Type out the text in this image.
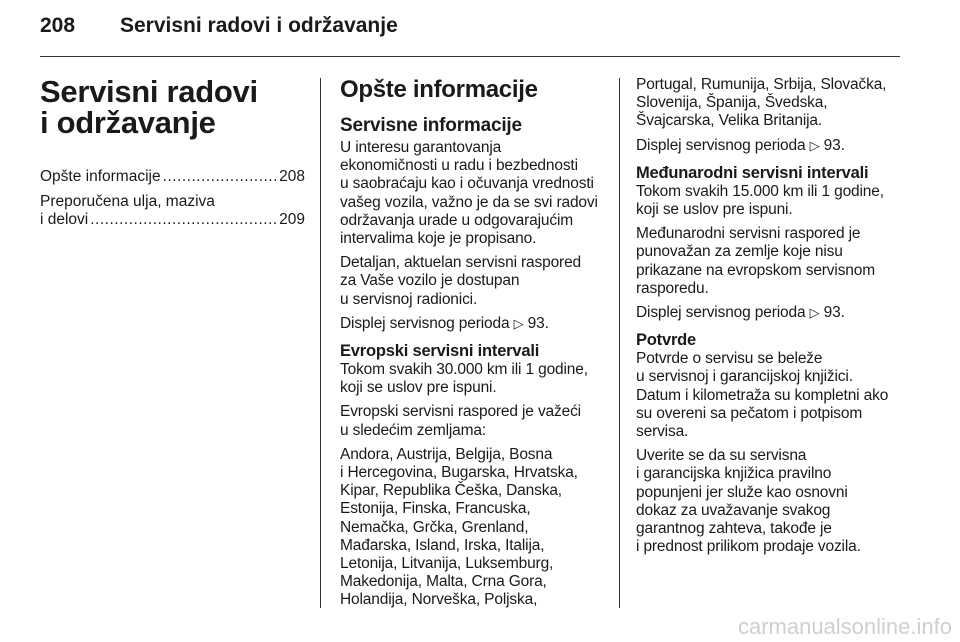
208 Servisni radovi i održavanje
Servisni radovi
i održavanje
Opšte informacije .....	208
Preporučena ulja, maziva
i delovi .....	209
Opšte informacije
Servisne informacije
U interesu garantovanja
ekonomičnosti u radu i bezbednosti
u saobraćaju kao i očuvanja vrednosti
vašeg vozila, važno je da se svi radovi
održavanja urade u odgovarajućim
intervalima koje je propisano.
Detaljan, aktuelan servisni raspored
za Vaše vozilo je dostupan
u servisnoj radionici.
Displej servisnog perioda ▷ 93.
Evropski servisni intervali
Tokom svakih 30.000 km ili 1 godine,
koji se uslov pre ispuni.
Evropski servisni raspored je važeći
u sledećim zemljama:
Andora, Austrija, Belgija, Bosna
i Hercegovina, Bugarska, Hrvatska,
Kipar, Republika Češka, Danska,
Estonija, Finska, Francuska,
Nemačka, Grčka, Grenland,
Mađarska, Island, Irska, Italija,
Letonija, Litvanija, Luksemburg,
Makedonija, Malta, Crna Gora,
Holandija, Norveška, Poljska,
Portugal, Rumunija, Srbija, Slovačka,
Slovenija, Španija, Švedska,
Švajcarska, Velika Britanija.
Displej servisnog perioda ▷ 93.
Međunarodni servisni intervali
Tokom svakih 15.000 km ili 1 godine,
koji se uslov pre ispuni.
Međunarodni servisni raspored je
punovažan za zemlje koje nisu
prikazane na evropskom servisnom
rasporedu.
Displej servisnog perioda ▷ 93.
Potvrde
Potvrde o servisu se beleže
u servisnoj i garancijskoj knjižici.
Datum i kilometraža su kompletni ako
su overeni sa pečatom i potpisom
servisa.
Uverite se da su servisna
i garancijska knjižica pravilno
popunjeni jer služe kao osnovni
dokaz za uvažavanje svakog
garantnog zahteva, takođe je
i prednost prilikom prodaje vozila.
carmanualsonline.info
